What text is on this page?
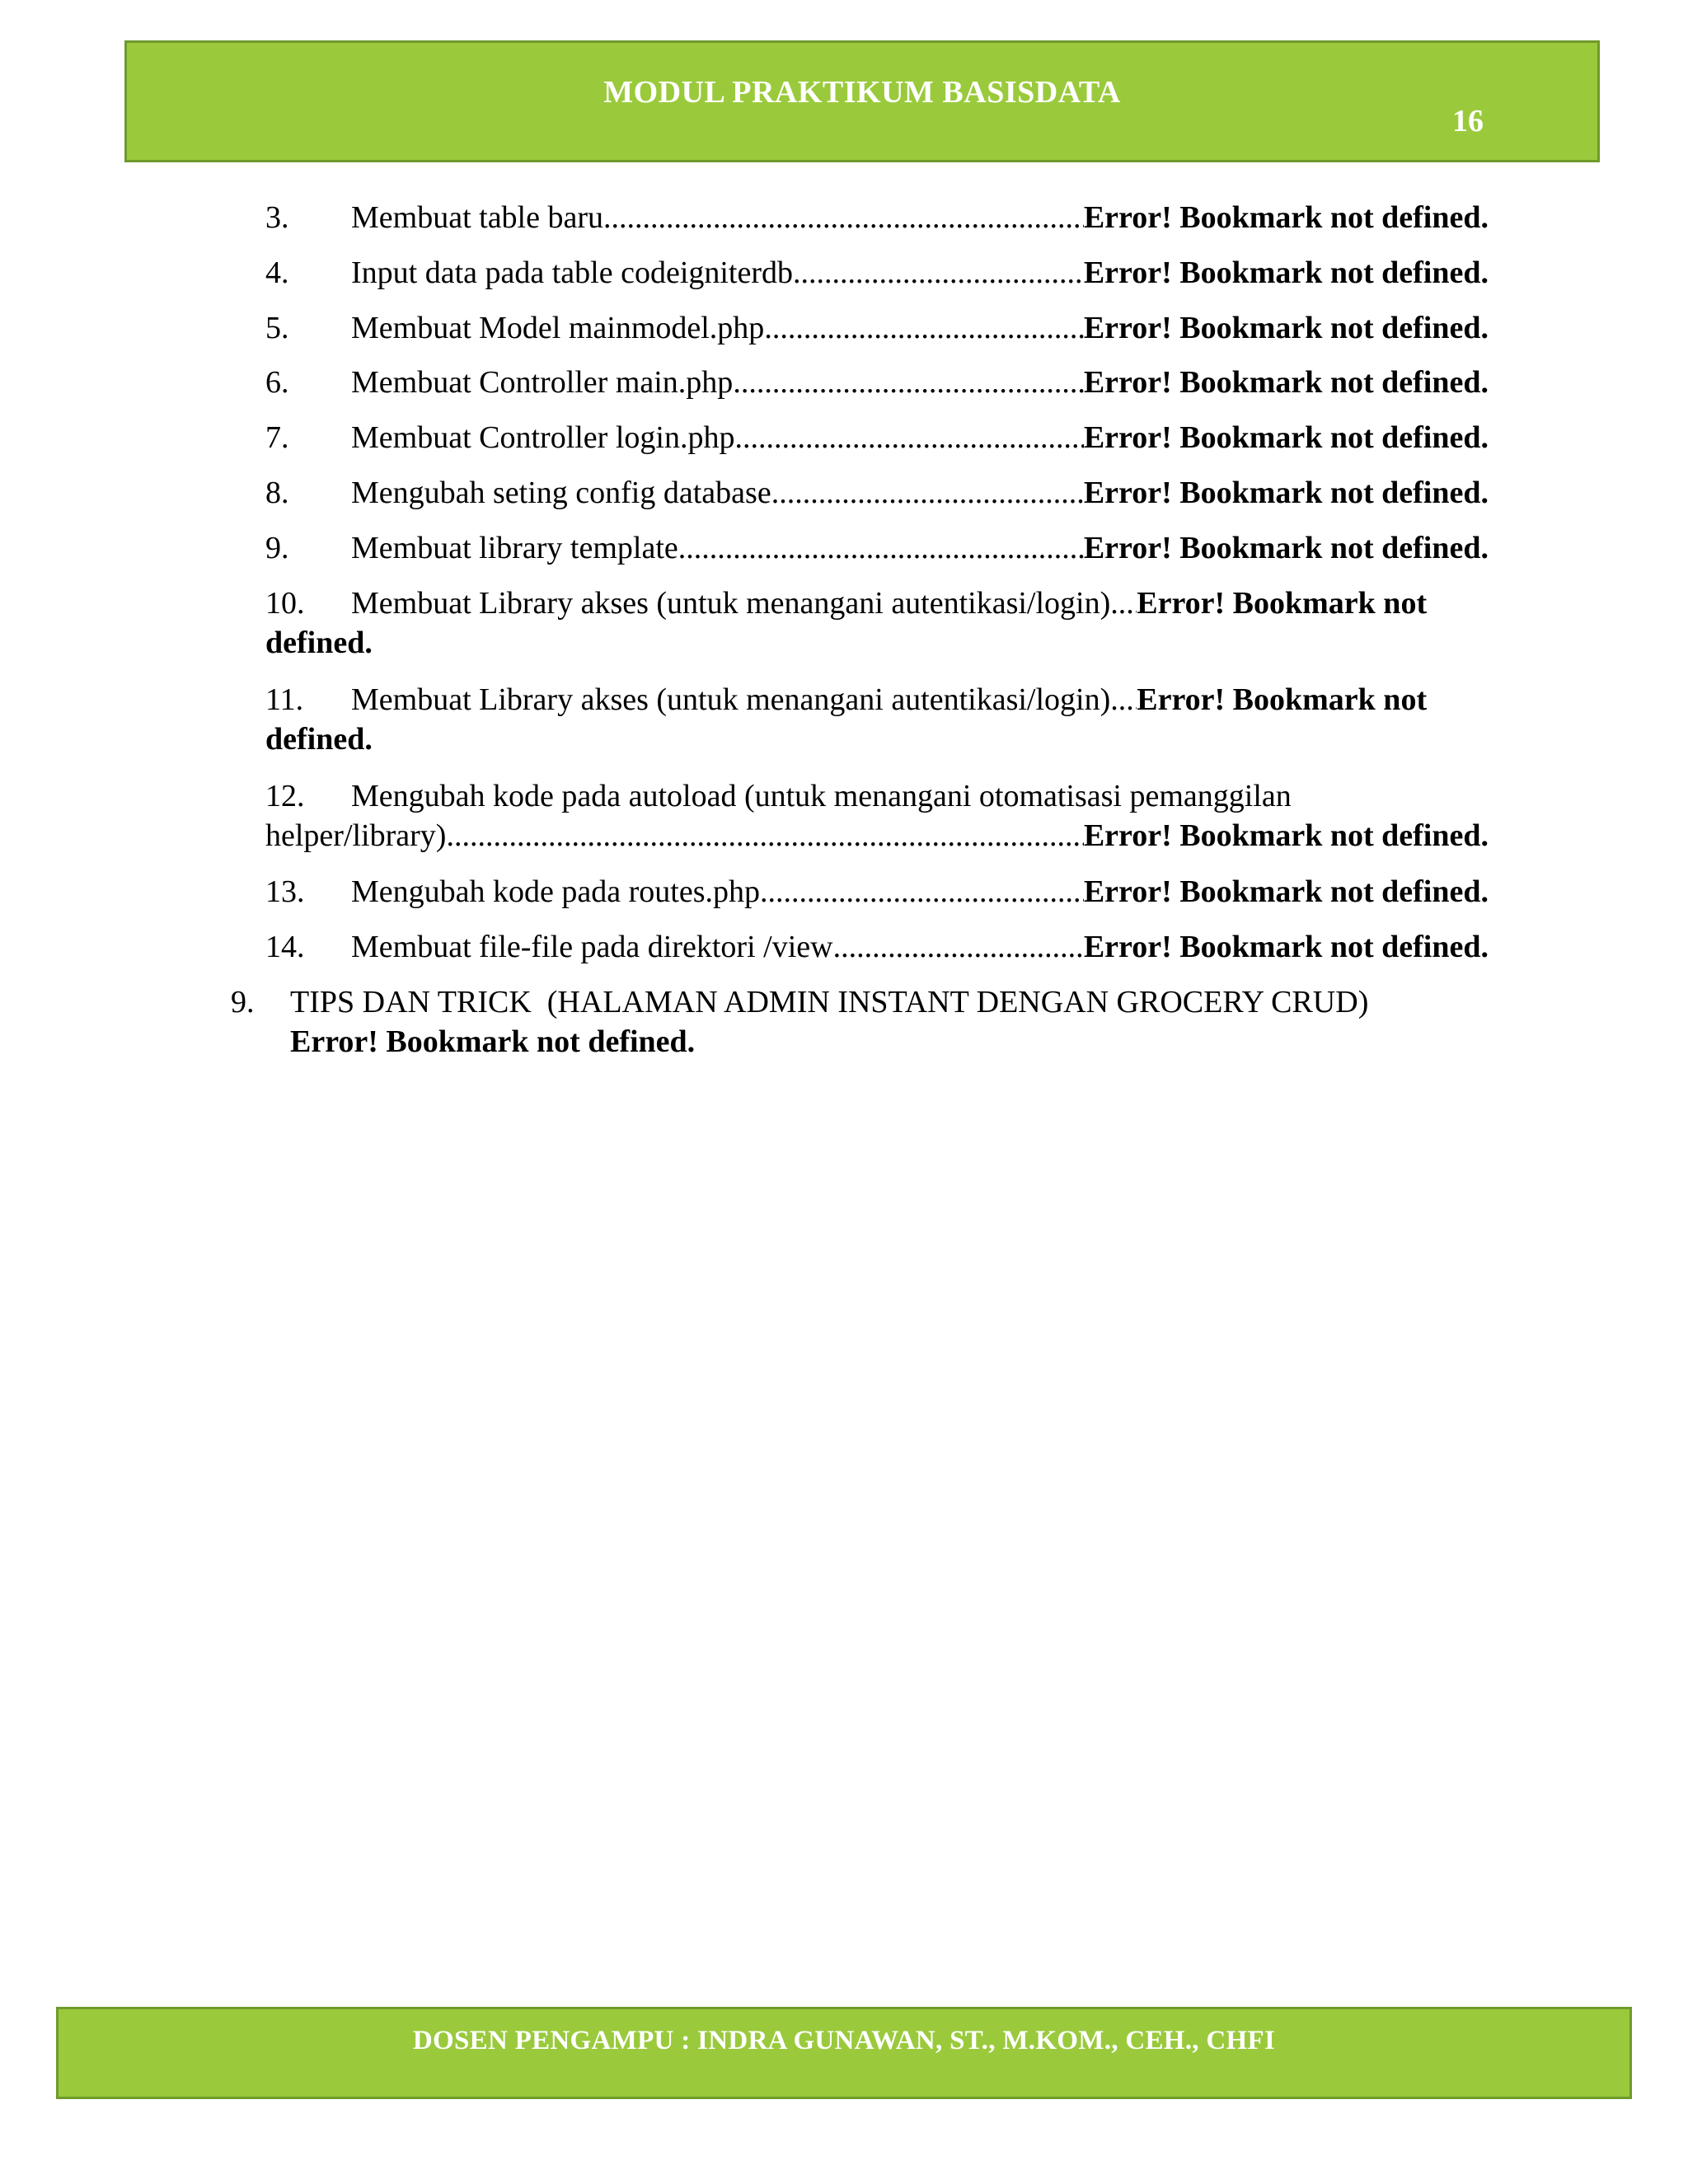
MODUL PRAKTIKUM BASISDATA
16
3.	Membuat table baru .....	Error! Bookmark not defined.
4.	Input data pada table codeigniterdb .....	Error! Bookmark not defined.
5.	Membuat Model mainmodel.php .....	Error! Bookmark not defined.
6.	Membuat Controller main.php .....	Error! Bookmark not defined.
7.	Membuat Controller login.php .....	Error! Bookmark not defined.
8.	Mengubah seting config database .....	Error! Bookmark not defined.
9.	Membuat library template .....	Error! Bookmark not defined.
10.	Membuat Library akses (untuk menangani autentikasi/login) ..... Error! Bookmark not
defined.
11.	Membuat Library akses (untuk menangani autentikasi/login) ..... Error! Bookmark not
defined.
12.	Mengubah kode pada autoload (untuk menangani otomatisasi pemanggilan
helper/library) .....	Error! Bookmark not defined.
13.	Mengubah kode pada routes.php .....	Error! Bookmark not defined.
14.	Membuat file-file pada direktori /view .....	Error! Bookmark not defined.
9. TIPS DAN TRICK  (HALAMAN ADMIN INSTANT DENGAN GROCERY CRUD)
Error! Bookmark not defined.
DOSEN PENGAMPU : INDRA GUNAWAN, ST., M.KOM., CEH., CHFI
